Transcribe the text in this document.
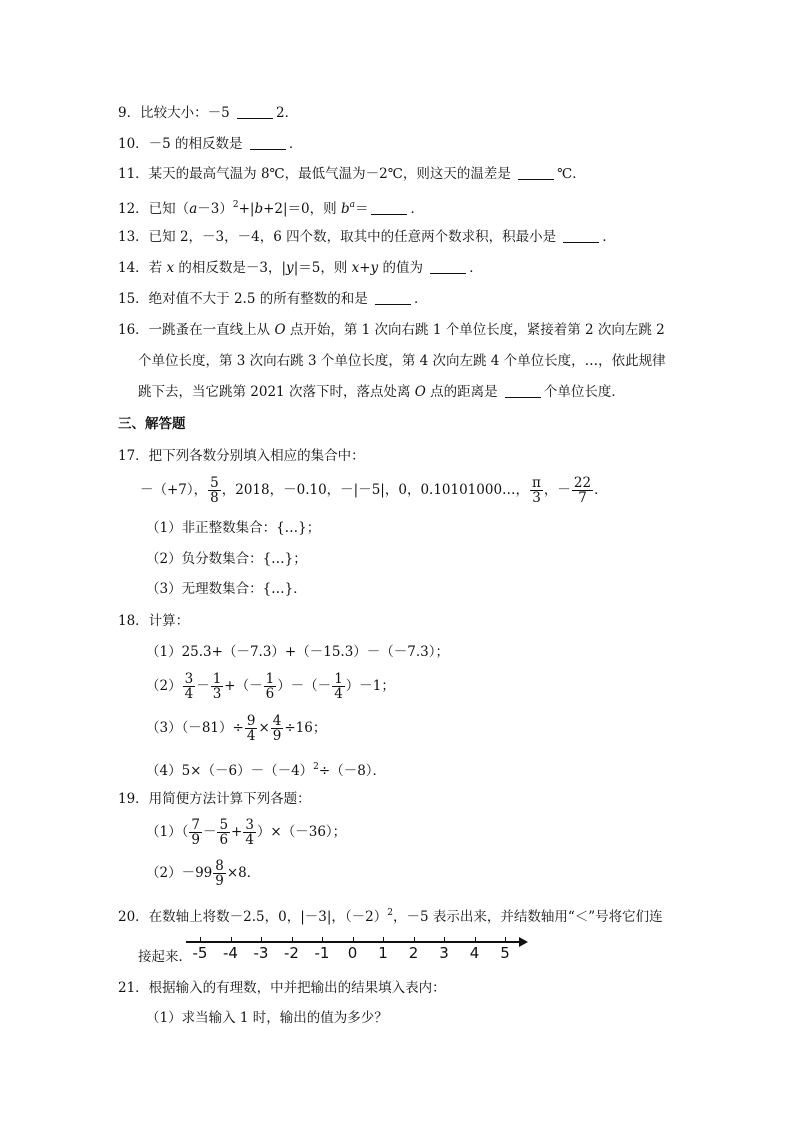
9．比较大小：－5	2．
10．－5 的相反数是	．
11．某天的最高气温为 8℃，最低气温为－2℃，则这天的温差是	℃．
12．已知$(a-3)^2+|b+2|=0$，则 $b^a=$	．
13．已知 2，－3，－4，6 四个数，取其中的任意两个数求积，积最小是	．
14．若 x 的相反数是－3，|y|＝5，则 x+y 的值为	．
15．绝对值不大于 2.5 的所有整数的和是	．
16．一跳蚤在一直线上从 O 点开始，第 1 次向右跳 1 个单位长度，紧接着第 2 次向左跳 2
个单位长度，第 3 次向右跳 3 个单位长度，第 4 次向左跳 4 个单位长度，…，依此规律
跳下去，当它跳第 2021 次落下时，落点处离 O 点的距离是	个单位长度．
三、解答题
17．把下列各数分别填入相应的集合中：
－（+7）， $\frac{5}{8}$ ，2018，－0.10，－|－5|，0，0.10101000…， $\frac{\pi}{3}$ ，－ $\frac{22}{7}$ ．
（1）非正整数集合：{…}；
（2）负分数集合：{…}；
（3）无理数集合：{…}．
18．计算：
（1）25.3+（－7.3）+（－15.3）－（－7.3）；
$(2) \frac{3}{4} - \frac{1}{3}$ +（－ $\frac{1}{6}$ ）－（－ $\frac{1}{4} )-1$；
$(3)(-81)\div \frac{9}{4} \times \frac{4}{9} \div 16$；
$(4)5\times(-6)-(-4)^2\div(-8)$．
19．用简便方法计算下列各题：
$(1)( \frac{7}{9} - \frac{5}{6} + \frac{3}{4} )\times(-36)$；
$(2)-99 \frac{8}{9} \times 8$．
20．在数轴上将数－2.5，0，|－3|，$(-2)^2$，－5 表示出来，并结数轴用“＜”号将它们连
接起来． -5 -4 -3 -2 -1 0 1 2 3 4 5
21．根据输入的有理数，中并把输出的结果填入表内：
（1）求当输入 1 时，输出的值为多少？
